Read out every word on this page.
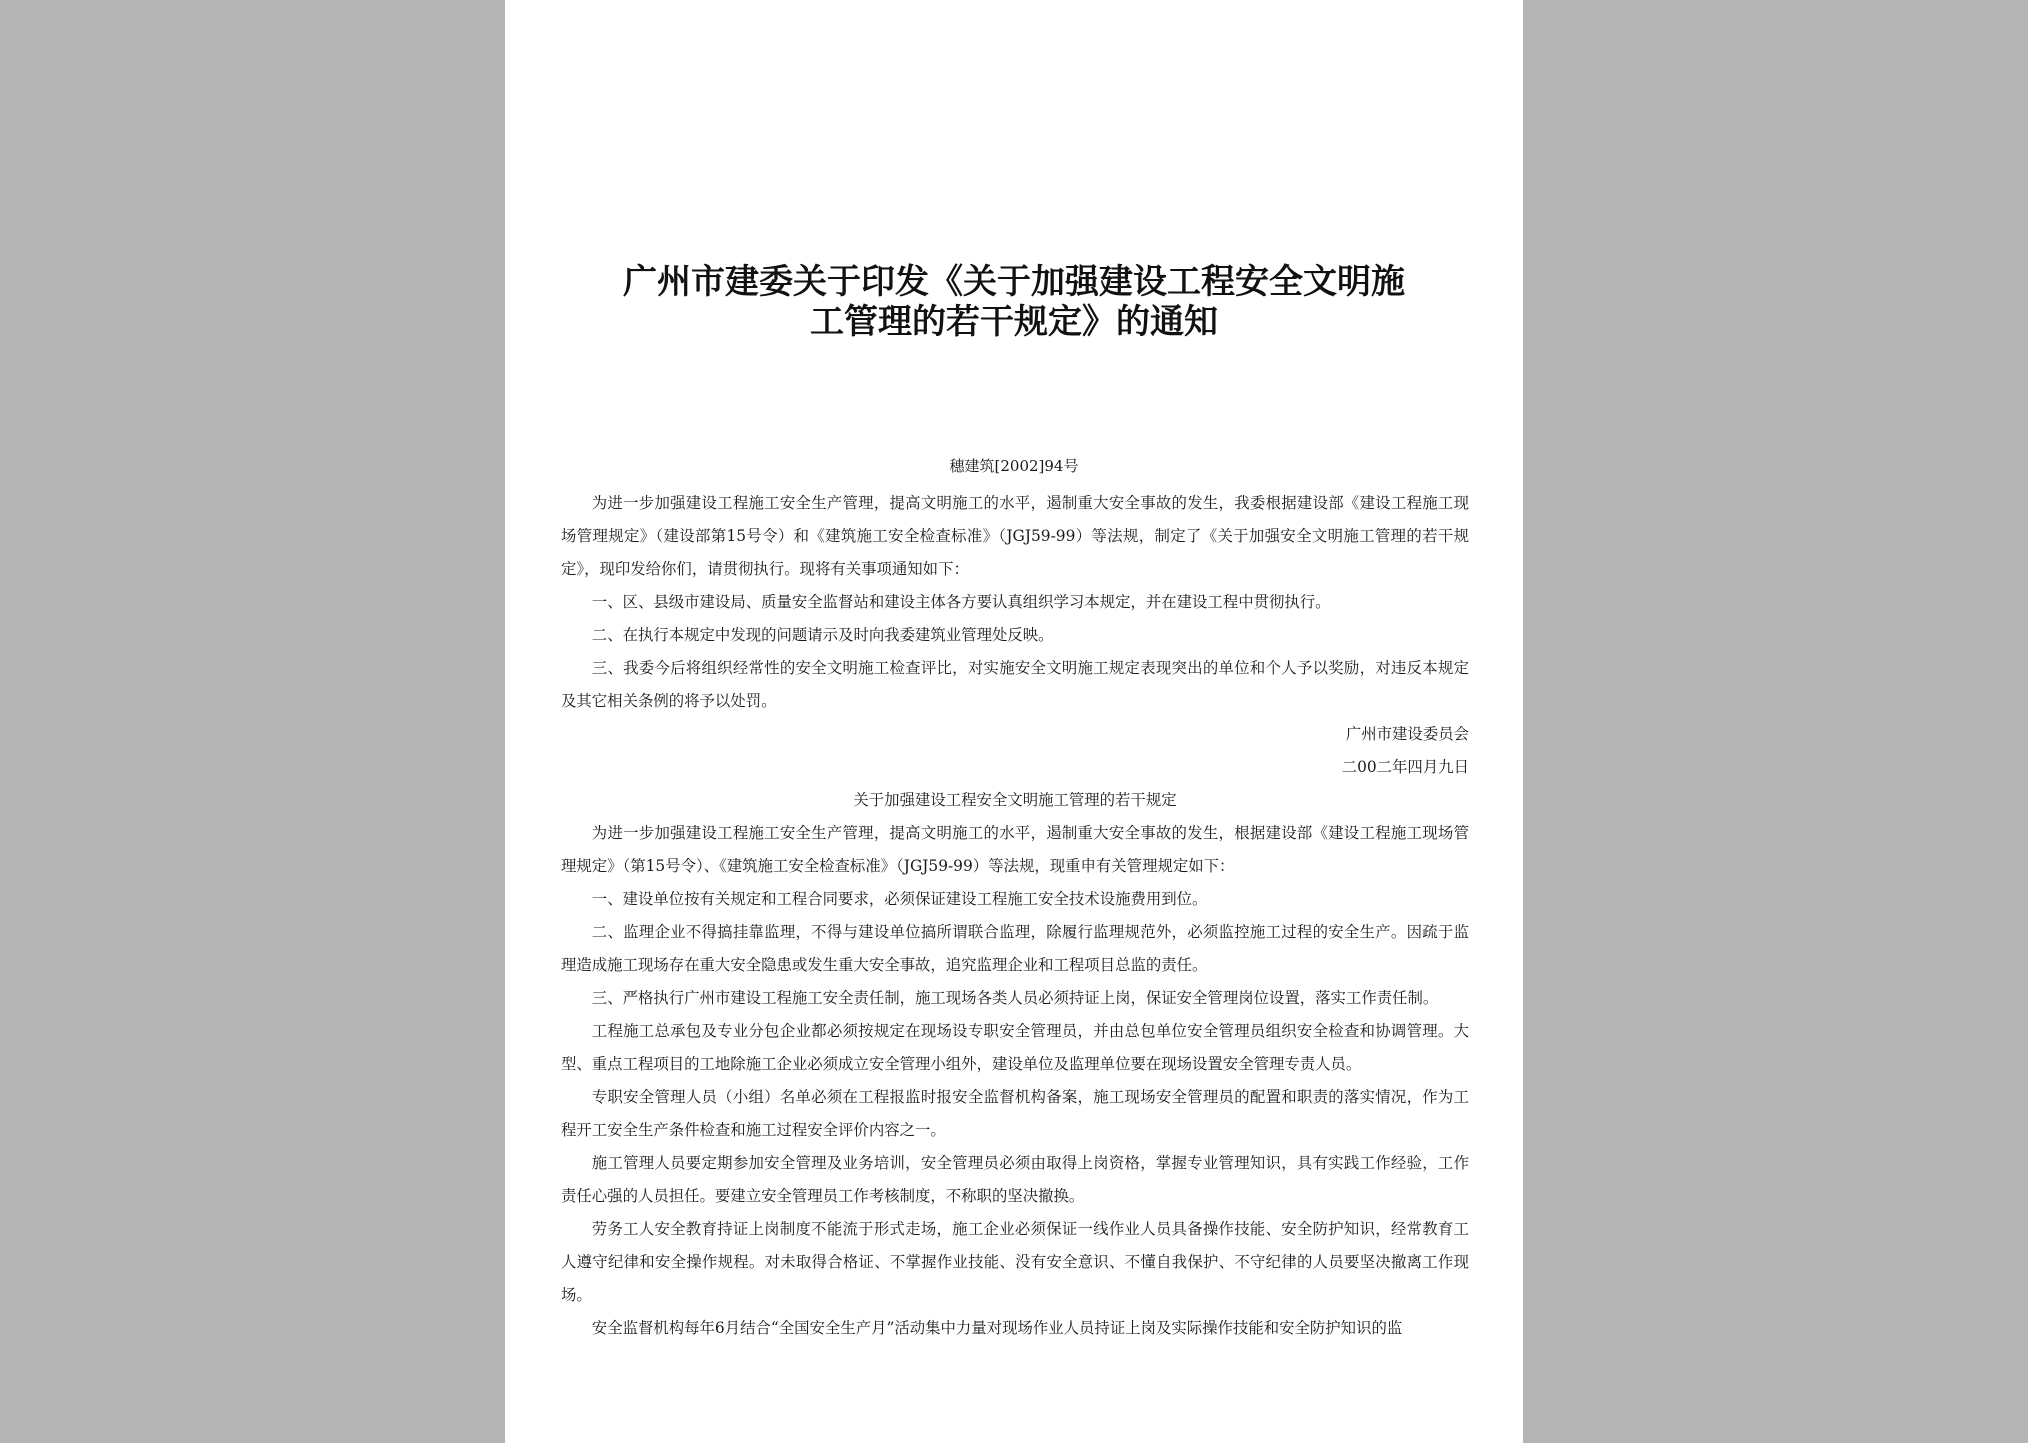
广州市建委关于印发《关于加强建设工程安全文明施
工管理的若干规定》的通知
穗建筑[2002]94号

为进一步加强建设工程施工安全生产管理，提高文明施工的水平，遏制重大安全事故的发生，我委根据建设部《建设工程施工现场管理规定》（建设部第15号令）和《建筑施工安全检查标准》（JGJ59-99）等法规，制定了《关于加强安全文明施工管理的若干规定》，现印发给你们，请贯彻执行。现将有关事项通知如下：

一、区、县级市建设局、质量安全监督站和建设主体各方要认真组织学习本规定，并在建设工程中贯彻执行。

二、在执行本规定中发现的问题请示及时向我委建筑业管理处反映。

三、我委今后将组织经常性的安全文明施工检查评比，对实施安全文明施工规定表现突出的单位和个人予以奖励，对违反本规定及其它相关条例的将予以处罚。

广州市建设委员会

二00二年四月九日

关于加强建设工程安全文明施工管理的若干规定

为进一步加强建设工程施工安全生产管理，提高文明施工的水平，遏制重大安全事故的发生，根据建设部《建设工程施工现场管理规定》（第15号令）、《建筑施工安全检查标准》（JGJ59-99）等法规，现重申有关管理规定如下：

一、建设单位按有关规定和工程合同要求，必须保证建设工程施工安全技术设施费用到位。

二、监理企业不得搞挂靠监理，不得与建设单位搞所谓联合监理，除履行监理规范外，必须监控施工过程的安全生产。因疏于监理造成施工现场存在重大安全隐患或发生重大安全事故，追究监理企业和工程项目总监的责任。

三、严格执行广州市建设工程施工安全责任制，施工现场各类人员必须持证上岗，保证安全管理岗位设置，落实工作责任制。

工程施工总承包及专业分包企业都必须按规定在现场设专职安全管理员，并由总包单位安全管理员组织安全检查和协调管理。大型、重点工程项目的工地除施工企业必须成立安全管理小组外，建设单位及监理单位要在现场设置安全管理专责人员。

专职安全管理人员（小组）名单必须在工程报监时报安全监督机构备案，施工现场安全管理员的配置和职责的落实情况，作为工程开工安全生产条件检查和施工过程安全评价内容之一。

施工管理人员要定期参加安全管理及业务培训，安全管理员必须由取得上岗资格，掌握专业管理知识，具有实践工作经验，工作责任心强的人员担任。要建立安全管理员工作考核制度，不称职的坚决撤换。

劳务工人安全教育持证上岗制度不能流于形式走场，施工企业必须保证一线作业人员具备操作技能、安全防护知识，经常教育工人遵守纪律和安全操作规程。对未取得合格证、不掌握作业技能、没有安全意识、不懂自我保护、不守纪律的人员要坚决撤离工作现场。

安全监督机构每年6月结合“全国安全生产月”活动集中力量对现场作业人员持证上岗及实际操作技能和安全防护知识的监
